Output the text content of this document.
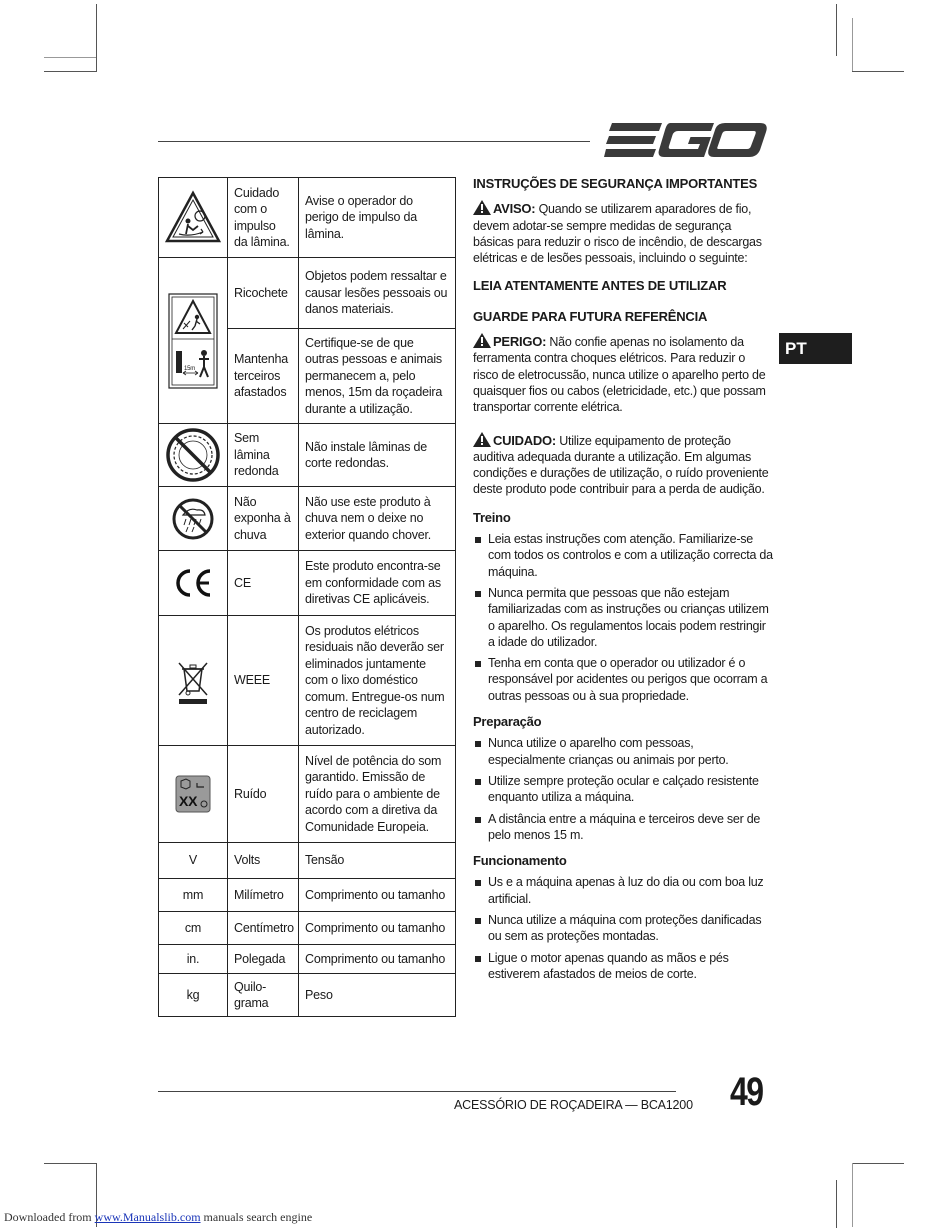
	Cuidado com o impulso da lâmina.	Avise o operador do perigo de impulso da lâmina.

15m	Ricochete	Objetos podem ressaltar e causar lesões pessoais ou danos materiais.
	Mantenha terceiros afastados	Certifique-se de que outras pessoas e animais permanecem a, pelo menos, 15m da roçadeira durante a utilização.

	Sem lâmina redonda	Não instale lâminas de corte redondas.

	Não exponha à chuva	Não use este produto à chuva nem o deixe no exterior quando chover.

	CE	Este produto encontra-se em conformidade com as diretivas CE aplicáveis.

	WEEE	Os produtos elétricos residuais não deverão ser eliminados juntamente com o lixo doméstico comum. Entregue-os num centro de reciclagem autorizado.

XX	Ruído	Nível de potência do som garantido. Emissão de ruído para o ambiente de acordo com a diretiva da Comunidade Europeia.
V	Volts	Tensão
mm	Milímetro	Comprimento ou tamanho
cm	Centímetro	Comprimento ou tamanho
in.	Polegada	Comprimento ou tamanho
kg	Quilo-grama	Peso
INSTRUÇÕES DE SEGURANÇA IMPORTANTES

AVISO: Quando se utilizarem aparadores de fio, devem adotar-se sempre medidas de segurança básicas para reduzir o risco de incêndio, de descargas elétricas e de lesões pessoais, incluindo o seguinte:

LEIA ATENTAMENTE ANTES DE UTILIZAR
GUARDE PARA FUTURA REFERÊNCIA

PERIGO: Não confie apenas no isolamento da ferramenta contra choques elétricos. Para reduzir o risco de eletrocussão, nunca utilize o aparelho perto de quaisquer fios ou cabos (eletricidade, etc.) que possam transportar corrente elétrica.

CUIDADO: Utilize equipamento de proteção auditiva adequada durante a utilização. Em algumas condições e durações de utilização, o ruído proveniente deste produto pode contribuir para a perda de audição.

Treino
Leia estas instruções com atenção. Familiarize-se com todos os controlos e com a utilização correcta da máquina.
Nunca permita que pessoas que não estejam familiarizadas com as instruções ou crianças utilizem o aparelho. Os regulamentos locais podem restringir a idade do utilizador.
Tenha em conta que o operador ou utilizador é o responsável por acidentes ou perigos que ocorram a outras pessoas ou à sua propriedade.
Preparação
Nunca utilize o aparelho com pessoas, especialmente crianças ou animais por perto.
Utilize sempre proteção ocular e calçado resistente enquanto utiliza a máquina.
A distância entre a máquina e terceiros deve ser de pelo menos 15 m.
Funcionamento
Us e a máquina apenas à luz do dia ou com boa luz artificial.
Nunca utilize a máquina com proteções danificadas ou sem as proteções montadas.
Ligue o motor apenas quando as mãos e pés estiverem afastados de meios de corte.
PT
ACESSÓRIO DE ROÇADEIRA — BCA1200 49
Downloaded from www.Manualslib.com manuals search engine
